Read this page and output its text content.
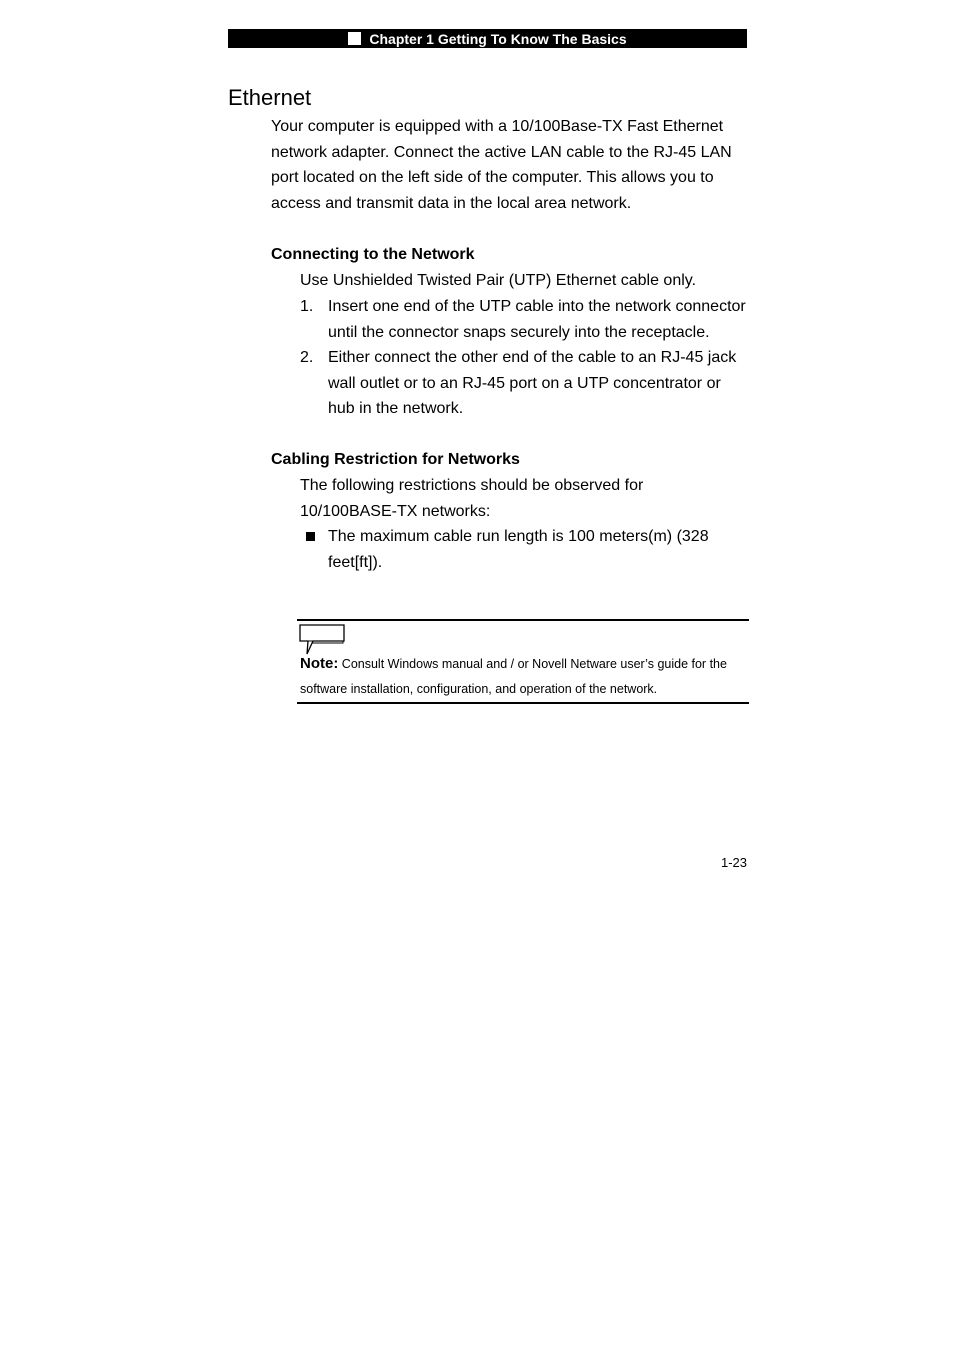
Chapter 1 Getting To Know The Basics
Ethernet
Your computer is equipped with a 10/100Base-TX Fast Ethernet network adapter. Connect the active LAN cable to the RJ-45 LAN port located on the left side of the computer. This allows you to access and transmit data in the local area network.
Connecting to the Network
Use Unshielded Twisted Pair (UTP) Ethernet cable only.
1. Insert one end of the UTP cable into the network connector until the connector snaps securely into the receptacle.
2. Either connect the other end of the cable to an RJ-45 jack wall outlet or to an RJ-45 port on a UTP concentrator or hub in the network.
Cabling Restriction for Networks
The following restrictions should be observed for 10/100BASE-TX networks:
The maximum cable run length is 100 meters(m) (328 feet[ft]).
Note: Consult Windows manual and / or Novell Netware user’s guide for the software installation, configuration, and operation of the network.
1-23
